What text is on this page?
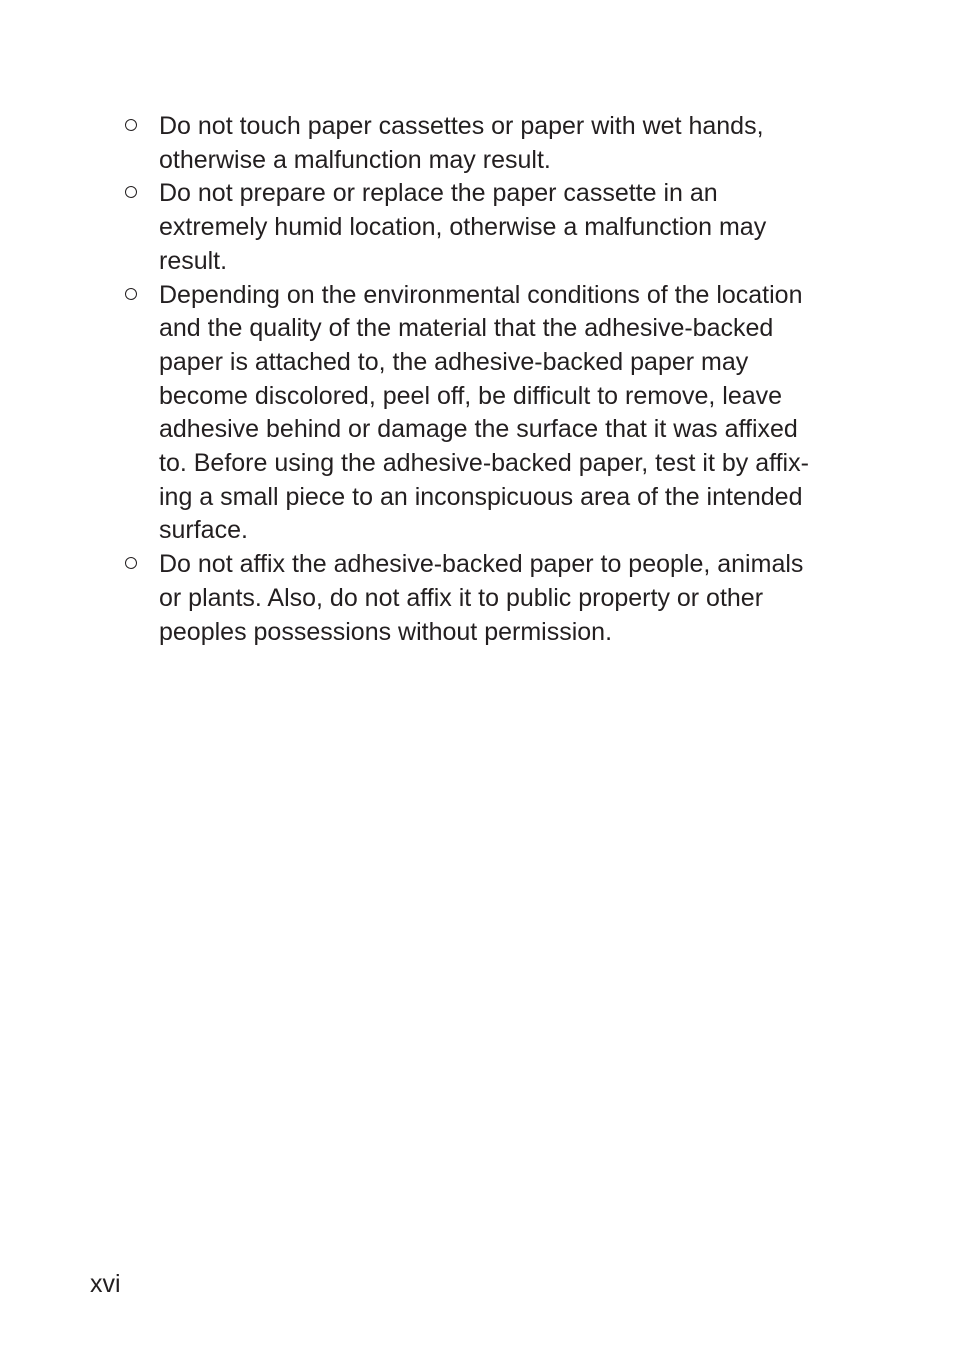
Do not touch paper cassettes or paper with wet hands,
otherwise a malfunction may result.
Do not prepare or replace the paper cassette in an
extremely humid location, otherwise a malfunction may
result.
Depending on the environmental conditions of the location
and the quality of the material that the adhesive-backed
paper is attached to, the adhesive-backed paper may
become discolored, peel off, be difficult to remove, leave
adhesive behind or damage the surface that it was affixed
to. Before using the adhesive-backed paper, test it by affix-
ing a small piece to an inconspicuous area of the intended
surface.
Do not affix the adhesive-backed paper to people, animals
or plants. Also, do not affix it to public property or other
peoples possessions without permission.
xvi
